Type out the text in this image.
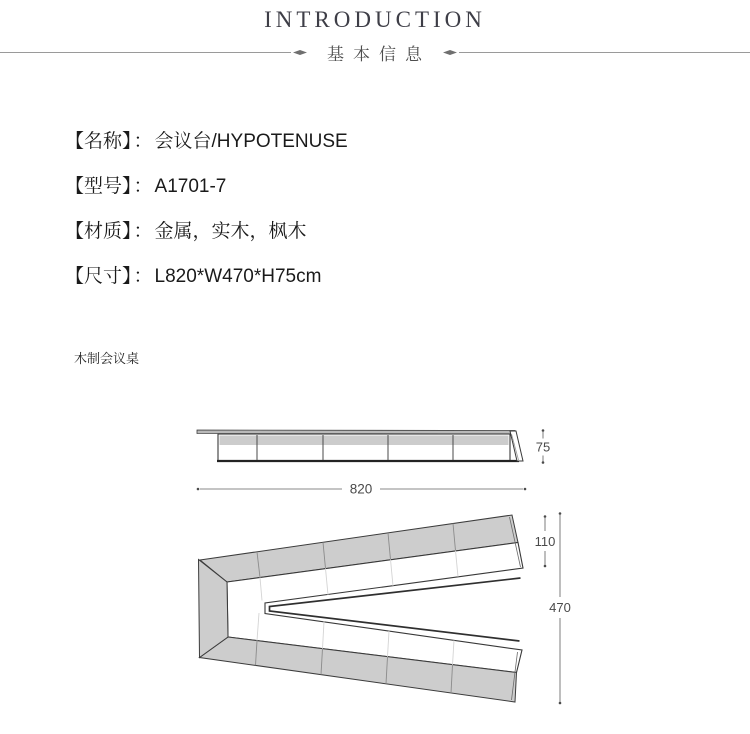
INTRODUCTION
基本信息
【名称】 ： 会议台/HYPOTENUSE
【型号】 ： A1701-7
【材质】 ： 金属，实木，枫木
【尺寸】 ： L820*W470*H75cm
木制会议桌
75
820
110
470
